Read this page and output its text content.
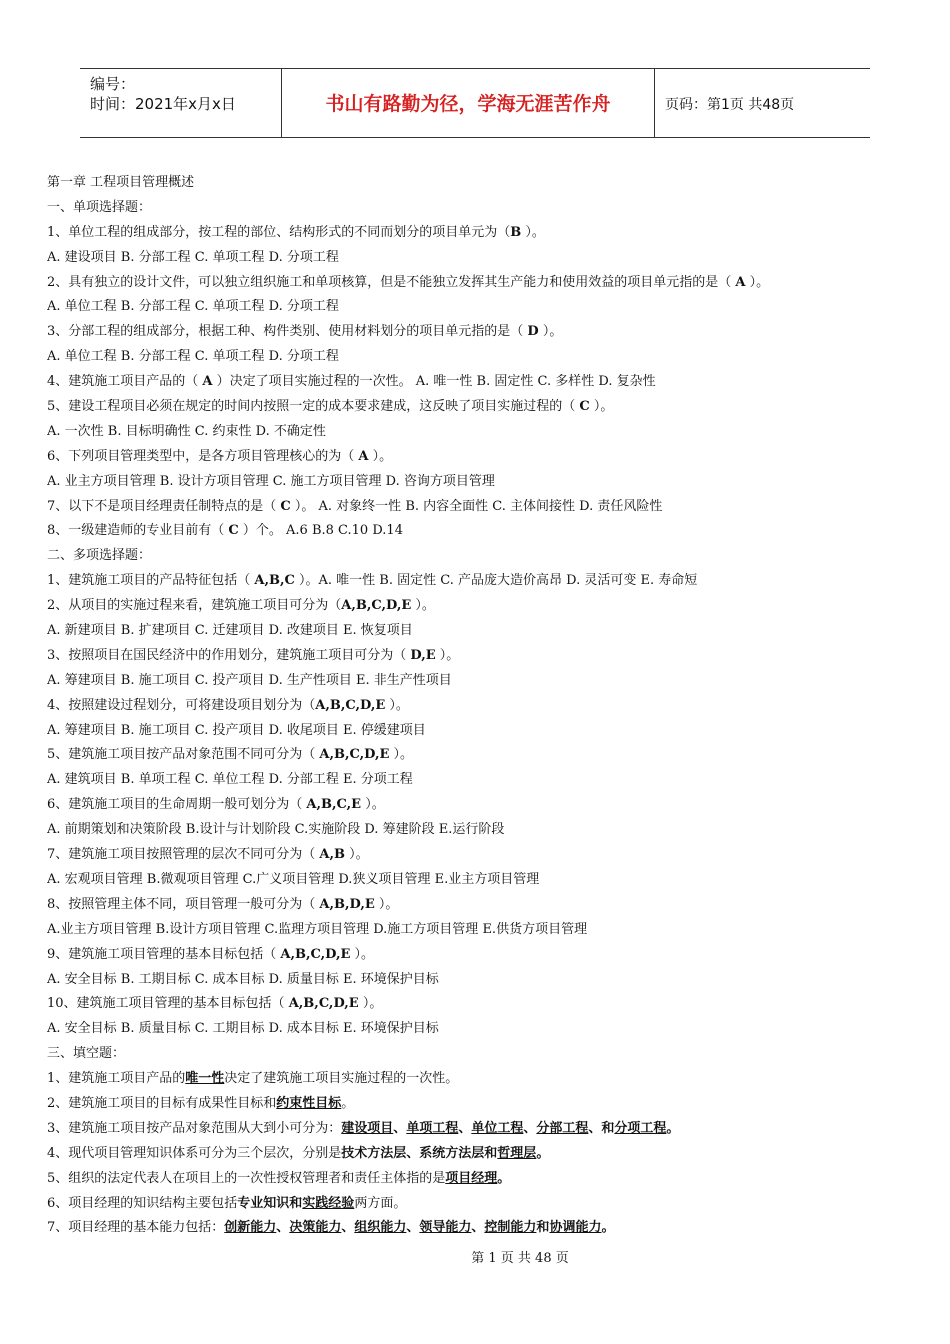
编号：
时间：2021年x月x日	书山有路勤为径，学海无涯苦作舟	页码：第1页 共48页
第一章 工程项目管理概述
一、单项选择题：
1、单位工程的组成部分，按工程的部位、结构形式的不同而划分的项目单元为（B ）。
A. 建设项目 B. 分部工程 C. 单项工程 D. 分项工程
2、具有独立的设计文件，可以独立组织施工和单项核算，但是不能独立发挥其生产能力和使用效益的项目单元指的是（ A ）。
A. 单位工程 B. 分部工程 C. 单项工程 D. 分项工程
3、分部工程的组成部分，根据工种、构件类别、使用材料划分的项目单元指的是（ D ）。
A. 单位工程 B. 分部工程 C. 单项工程 D. 分项工程
4、建筑施工项目产品的（ A ）决定了项目实施过程的一次性。 A. 唯一性 B. 固定性 C. 多样性 D. 复杂性
5、建设工程项目必须在规定的时间内按照一定的成本要求建成，这反映了项目实施过程的（ C ）。
A. 一次性 B. 目标明确性 C. 约束性 D. 不确定性
6、下列项目管理类型中，是各方项目管理核心的为（ A ）。
A. 业主方项目管理 B. 设计方项目管理 C. 施工方项目管理 D. 咨询方项目管理
7、以下不是项目经理责任制特点的是（ C ）。 A. 对象终一性 B. 内容全面性 C. 主体间接性 D. 责任风险性
8、一级建造师的专业目前有（ C ）个。 A.6 B.8 C.10 D.14
二、多项选择题：
1、建筑施工项目的产品特征包括（ A,B,C ）。A. 唯一性 B. 固定性 C. 产品庞大造价高昂 D. 灵活可变 E. 寿命短
2、从项目的实施过程来看，建筑施工项目可分为（A,B,C,D,E ）。
A. 新建项目 B. 扩建项目 C. 迁建项目 D. 改建项目 E. 恢复项目
3、按照项目在国民经济中的作用划分，建筑施工项目可分为（ D,E ）。
A. 筹建项目 B. 施工项目 C. 投产项目 D. 生产性项目 E. 非生产性项目
4、按照建设过程划分，可将建设项目划分为（A,B,C,D,E ）。
A. 筹建项目 B. 施工项目 C. 投产项目 D. 收尾项目 E. 停缓建项目
5、建筑施工项目按产品对象范围不同可分为（ A,B,C,D,E ）。
A. 建筑项目 B. 单项工程 C. 单位工程 D. 分部工程 E. 分项工程
6、建筑施工项目的生命周期一般可划分为（ A,B,C,E ）。
A. 前期策划和决策阶段 B.设计与计划阶段 C.实施阶段 D. 筹建阶段 E.运行阶段
7、建筑施工项目按照管理的层次不同可分为（ A,B ）。
A. 宏观项目管理 B.微观项目管理 C.广义项目管理 D.狭义项目管理 E.业主方项目管理
8、按照管理主体不同，项目管理一般可分为（ A,B,D,E ）。
A.业主方项目管理 B.设计方项目管理 C.监理方项目管理 D.施工方项目管理 E.供货方项目管理
9、建筑施工项目管理的基本目标包括（ A,B,C,D,E ）。
A. 安全目标 B. 工期目标 C. 成本目标 D. 质量目标 E. 环境保护目标
10、建筑施工项目管理的基本目标包括（ A,B,C,D,E ）。
A. 安全目标 B. 质量目标 C. 工期目标 D. 成本目标 E. 环境保护目标
三、填空题：
1、建筑施工项目产品的唯一性决定了建筑施工项目实施过程的一次性。
2、建筑施工项目的目标有成果性目标和约束性目标。
3、建筑施工项目按产品对象范围从大到小可分为：建设项目、单项工程、单位工程、分部工程、和分项工程。
4、现代项目管理知识体系可分为三个层次，分别是技术方法层、系统方法层和哲理层。
5、组织的法定代表人在项目上的一次性授权管理者和责任主体指的是项目经理。
6、项目经理的知识结构主要包括专业知识和实践经验两方面。
7、项目经理的基本能力包括：创新能力、决策能力、组织能力、领导能力、控制能力和协调能力。
第 1 页 共 48 页
